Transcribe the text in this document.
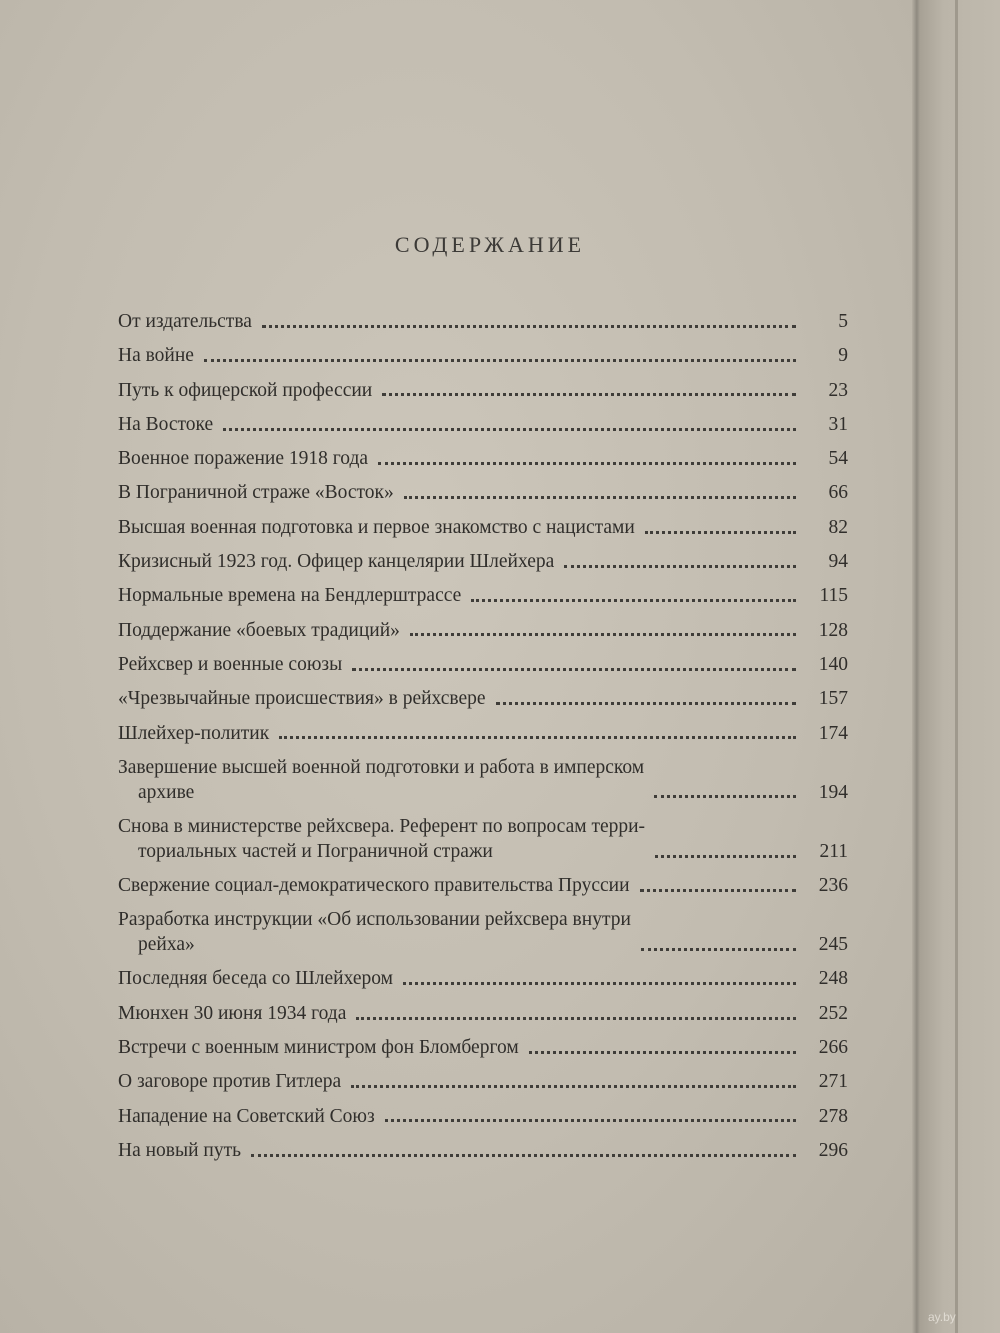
СОДЕРЖАНИЕ
От издательства	5
На войне	9
Путь к офицерской профессии	23
На Востоке	31
Военное поражение 1918 года	54
В Пограничной страже «Восток»	66
Высшая военная подготовка и первое знакомство с нацистами	82
Кризисный 1923 год. Офицер канцелярии Шлейхера	94
Нормальные времена на Бендлерштрассе	115
Поддержание «боевых традиций»	128
Рейхсвер и военные союзы	140
«Чрезвычайные происшествия» в рейхсвере	157
Шлейхер-политик	174
Завершение высшей военной подготовки и работа в имперском
архиве	194
Снова в министерстве рейхсвера. Референт по вопросам терри-
ториальных частей и Пограничной стражи	211
Свержение социал-демократического правительства Пруссии	236
Разработка инструкции «Об использовании рейхсвера внутри
рейха»	245
Последняя беседа со Шлейхером	248
Мюнхен 30 июня 1934 года	252
Встречи с военным министром фон Бломбергом	266
О заговоре против Гитлера	271
Нападение на Советский Союз	278
На новый путь	296
ay.by
